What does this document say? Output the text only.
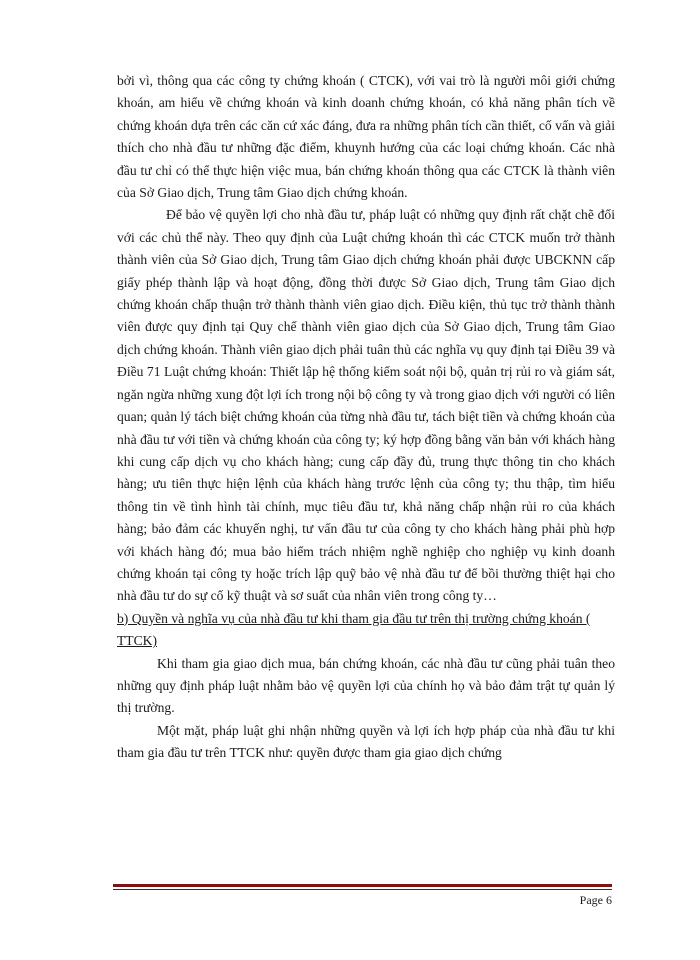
bởi vì, thông qua các công ty chứng khoán ( CTCK), với vai trò là người môi giới chứng khoán, am hiểu về chứng khoán và kinh doanh chứng khoán, có khả năng phân tích về chứng khoán dựa trên các căn cứ xác đáng, đưa ra những phân tích cần thiết, cố vấn và giải thích cho nhà đầu tư những đặc điểm, khuynh hướng của các loại chứng khoán. Các nhà đầu tư chỉ có thể thực hiện việc mua, bán chứng khoán thông qua các CTCK là thành viên của Sở Giao dịch, Trung tâm Giao dịch chứng khoán.

Để bảo vệ quyền lợi cho nhà đầu tư, pháp luật có những quy định rất chặt chẽ đối với các chủ thể này. Theo quy định của Luật chứng khoán thì các CTCK muốn trở thành thành viên của Sở Giao dịch, Trung tâm Giao dịch chứng khoán phải được UBCKNN cấp giấy phép thành lập và hoạt động, đồng thời được Sở Giao dịch, Trung tâm Giao dịch chứng khoán chấp thuận trở thành thành viên giao dịch. Điều kiện, thủ tục trở thành thành viên được quy định tại Quy chế thành viên giao dịch của Sở Giao dịch, Trung tâm Giao dịch chứng khoán. Thành viên giao dịch phải tuân thủ các nghĩa vụ quy định tại Điều 39 và Điều 71 Luật chứng khoán: Thiết lập hệ thống kiểm soát nội bộ, quản trị rủi ro và giám sát, ngăn ngừa những xung đột lợi ích trong nội bộ công ty và trong giao dịch với người có liên quan; quản lý tách biệt chứng khoán của từng nhà đầu tư, tách biệt tiền và chứng khoán của nhà đầu tư với tiền và chứng khoán của công ty; ký hợp đồng bằng văn bản với khách hàng khi cung cấp dịch vụ cho khách hàng; cung cấp đầy đủ, trung thực thông tin cho khách hàng; ưu tiên thực hiện lệnh của khách hàng trước lệnh của công ty; thu thập, tìm hiểu thông tin về tình hình tài chính, mục tiêu đầu tư, khả năng chấp nhận rủi ro của khách hàng; bảo đảm các khuyến nghị, tư vấn đầu tư của công ty cho khách hàng phải phù hợp với khách hàng đó; mua bảo hiểm trách nhiệm nghề nghiệp cho nghiệp vụ kinh doanh chứng khoán tại công ty hoặc trích lập quỹ bảo vệ nhà đầu tư để bồi thường thiệt hại cho nhà đầu tư do sự cố kỹ thuật và sơ suất của nhân viên trong công ty…

b) Quyền và nghĩa vụ của nhà đầu tư khi tham gia đầu tư trên thị trường chứng khoán ( TTCK)

Khi tham gia giao dịch mua, bán chứng khoán, các nhà đầu tư cũng phải tuân theo những quy định pháp luật nhằm bảo vệ quyền lợi của chính họ và bảo đảm trật tự quản lý thị trường.

Một mặt, pháp luật ghi nhận những quyền và lợi ích hợp pháp của nhà đầu tư khi tham gia đầu tư trên TTCK như: quyền được tham gia giao dịch chứng

Page 6
